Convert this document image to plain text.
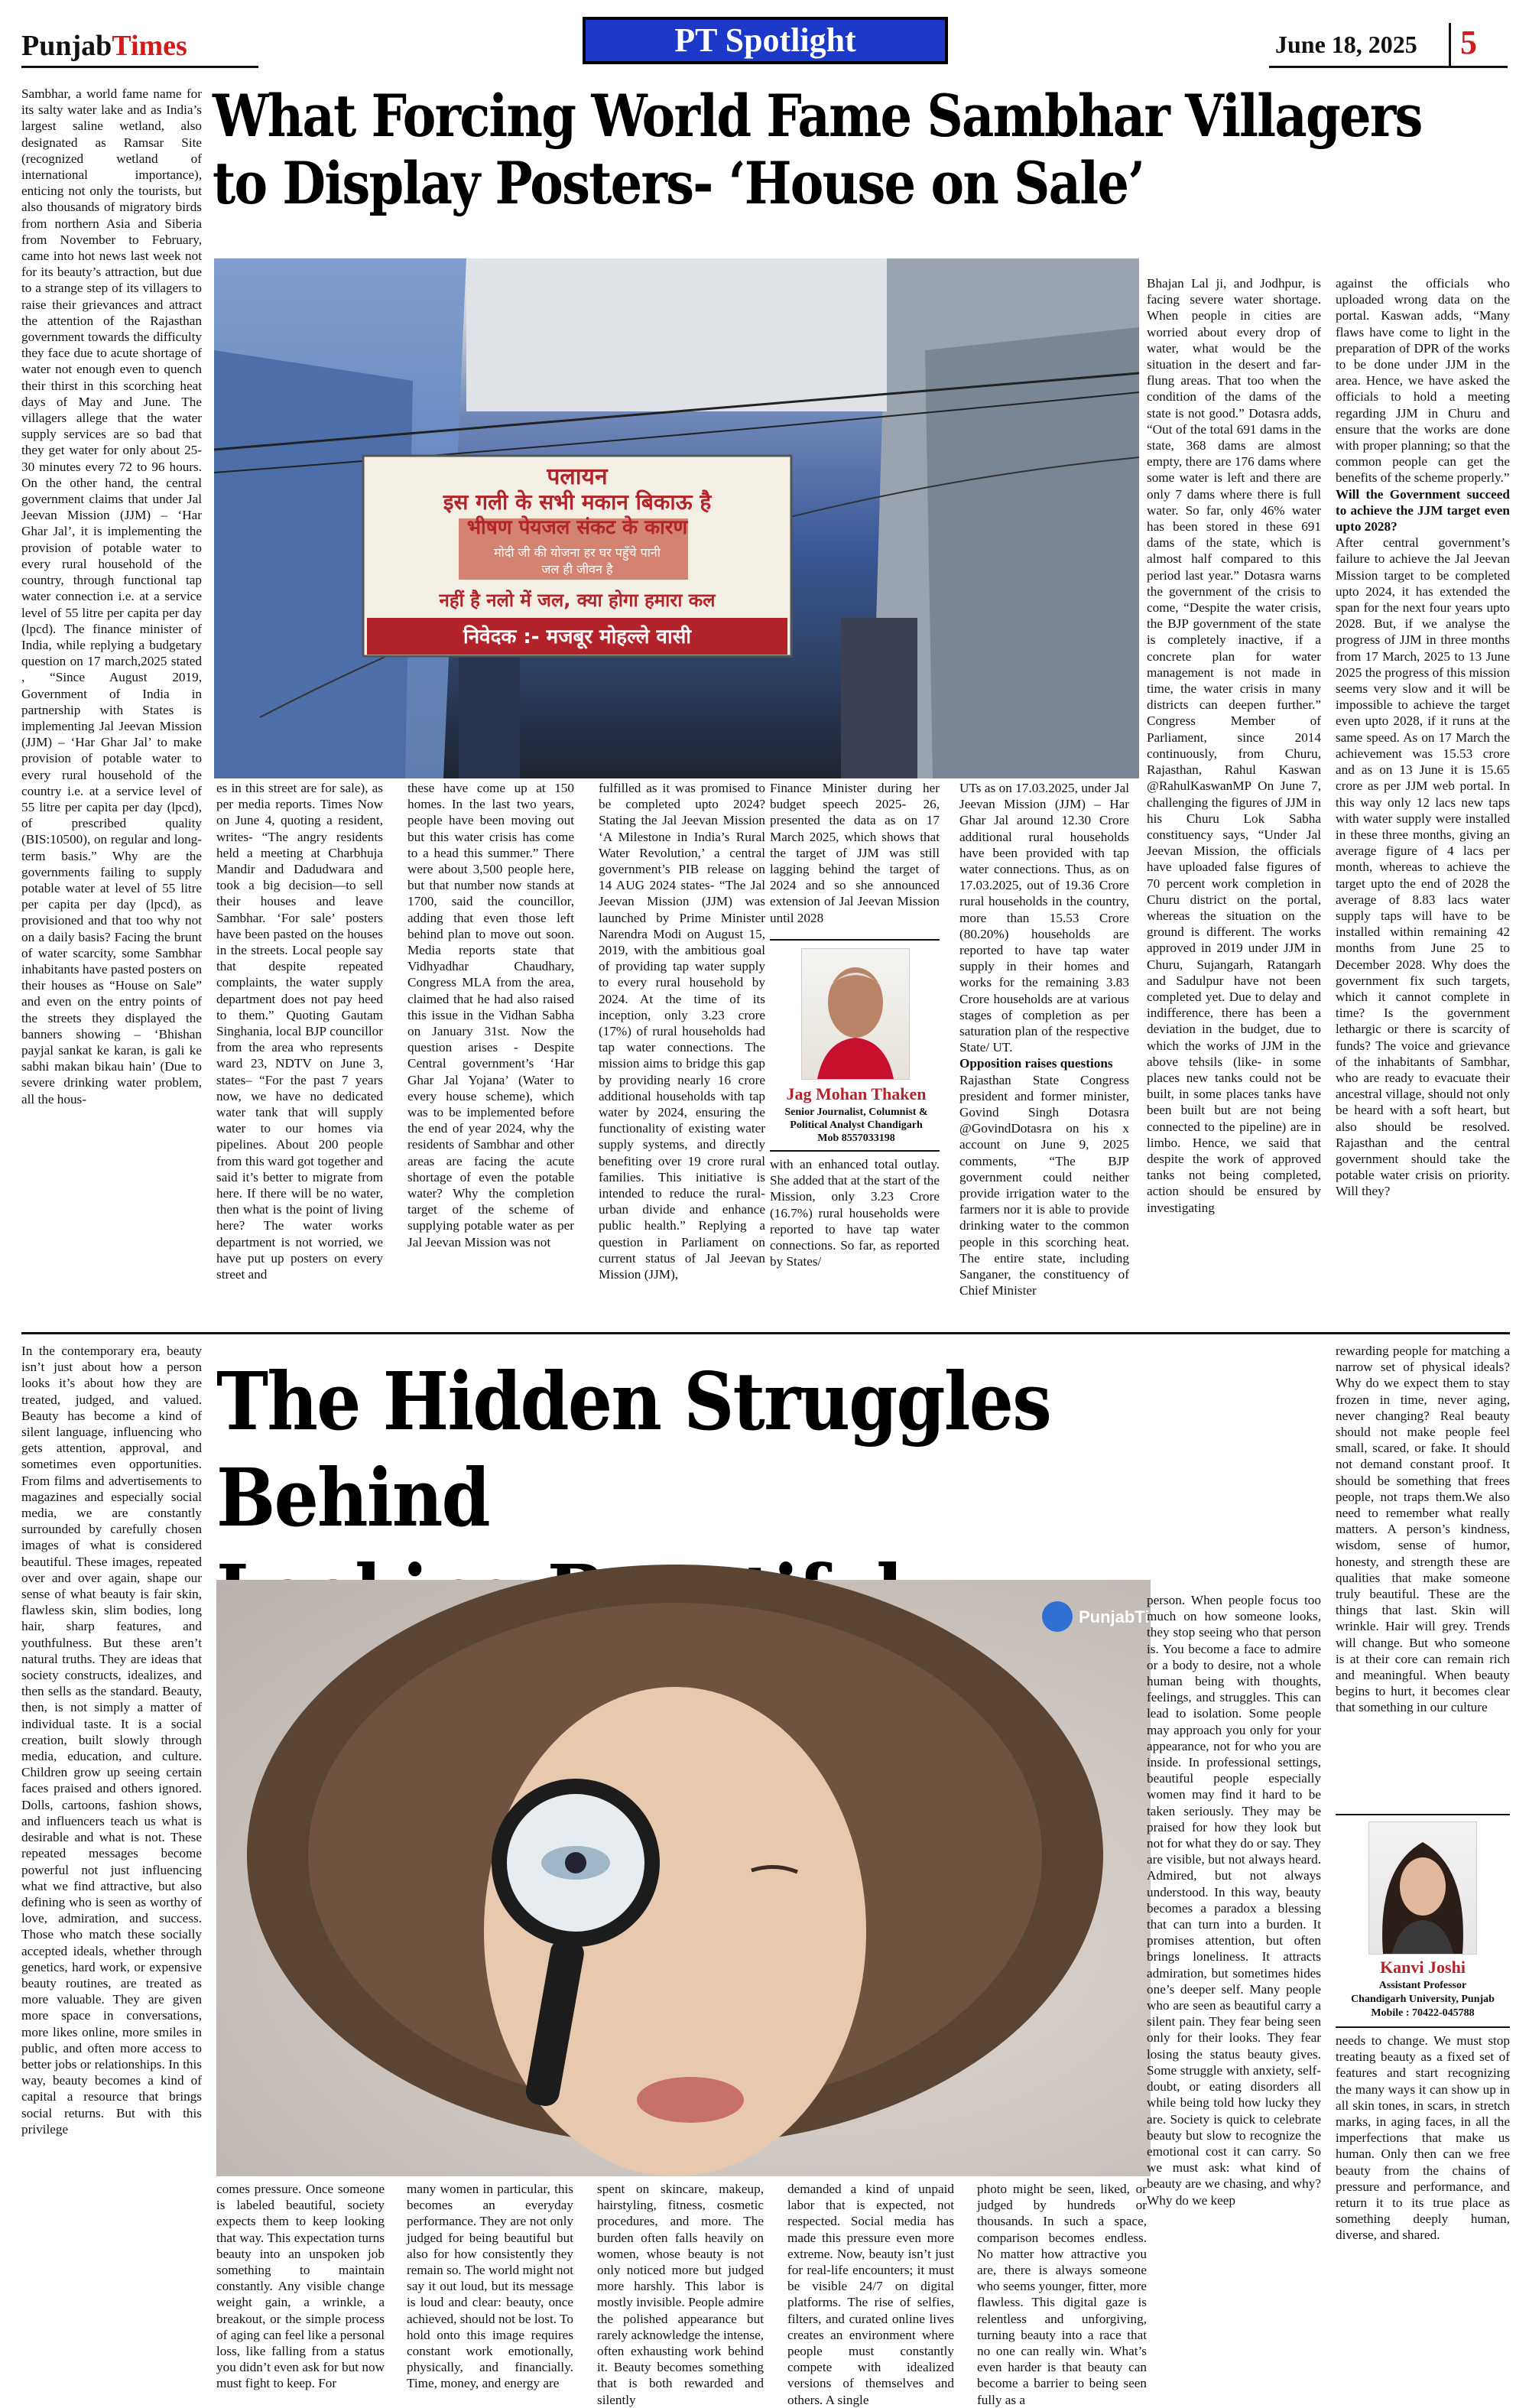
PunjabTimes	PT Spotlight	June 18, 2025 5

Sambhar, a world fame name for its salty water lake and as India’s largest saline wetland, also designated as Ramsar Site (recognized wetland of international importance), enticing not only the tourists, but also thousands of migratory birds from northern Asia and Siberia from November to February, came into hot news last week not for its beauty’s attraction, but due to a strange step of its villagers to raise their grievances and attract the attention of the Rajasthan government towards the difficulty they face due to acute shortage of water not enough even to quench their thirst in this scorching heat days of May and June. The villagers allege that the water supply services are so bad that they get water for only about 25-30 minutes every 72 to 96 hours. On the other hand, the central government claims that under Jal Jeevan Mission (JJM) – ‘Har Ghar Jal’, it is implementing the provision of potable water to every rural household of the country, through functional tap water connection i.e. at a service level of 55 litre per capita per day (lpcd). The finance minister of India, while replying a budgetary question on 17 march,2025 stated , “Since August 2019, Government of India in partnership with States is implementing Jal Jeevan Mission (JJM) – ‘Har Ghar Jal’ to make provision of potable water to every rural household of the country i.e. at a service level of 55 litre per capita per day (lpcd), of prescribed quality (BIS:10500), on regular and long-term basis.” Why are the governments failing to supply potable water at level of 55 litre per capita per day (lpcd), as provisioned and that too why not on a daily basis? Facing the brunt of water scarcity, some Sambhar inhabitants have pasted posters on their houses as “House on Sale” and even on the entry points of the streets they displayed the banners showing – ‘Bhishan payjal sankat ke karan, is gali ke sabhi makan bikau hain’ (Due to severe drinking water problem, all the hous-

What Forcing World Fame Sambhar Villagers
to Display Posters- ‘House on Sale’
पलायन
इस गली के सभी मकान बिकाऊ है
भीषण पेयजल संकट के कारण
मोदी जी की योजना हर घर पहुँचे पानी
जल ही जीवन है
नहीं है नलो में जल, क्या होगा हमारा कल
निवेदक :- मजबूर मोहल्ले वासी

es in this street are for sale), as per media reports. Times Now on June 4, quoting a resident, writes- “The angry residents held a meeting at Charbhuja Mandir and Dadudwara and took a big decision—to sell their houses and leave Sambhar. ‘For sale’ posters have been pasted on the houses in the streets. Local people say that despite repeated complaints, the water supply department does not pay heed to them.” Quoting Gautam Singhania, local BJP councillor from the area who represents ward 23, NDTV on June 3, states– “For the past 7 years now, we have no dedicated water tank that will supply water to our homes via pipelines. About 200 people from this ward got together and said it’s better to migrate from here. If there will be no water, then what is the point of living here? The water works department is not worried, we have put up posters on every street and

these have come up at 150 homes. In the last two years, people have been moving out but this water crisis has come to a head this summer.” There were about 3,500 people here, but that number now stands at 1700, said the councillor, adding that even those left behind plan to move out soon. Media reports state that Vidhyadhar Chaudhary, Congress MLA from the area, claimed that he had also raised this issue in the Vidhan Sabha on January 31st. Now the question arises - Despite Central government’s ‘Har Ghar Jal Yojana’ (Water to every house scheme), which was to be implemented before the end of year 2024, why the residents of Sambhar and other areas are facing the acute shortage of even the potable water? Why the completion target of the scheme of supplying potable water as per Jal Jeevan Mission was not

fulfilled as it was promised to be completed upto 2024? Stating the Jal Jeevan Mission ‘A Milestone in India’s Rural Water Revolution,’ a central government’s PIB release on 14 AUG 2024 states- “The Jal Jeevan Mission (JJM) was launched by Prime Minister Narendra Modi on August 15, 2019, with the ambitious goal of providing tap water supply to every rural household by 2024. At the time of its inception, only 3.23 crore (17%) of rural households had tap water connections. The mission aims to bridge this gap by providing nearly 16 crore additional households with tap water by 2024, ensuring the functionality of existing water supply systems, and directly benefiting over 19 crore rural families. This initiative is intended to reduce the rural-urban divide and enhance public health.” Replying a question in Parliament on current status of Jal Jeevan Mission (JJM),

Finance Minister during her budget speech 2025- 26, presented the data as on 17 March 2025, which shows that the target of JJM was still lagging behind the target of 2024 and so she announced extension of Jal Jeevan Mission until 2028

Jag Mohan Thaken
Senior Journalist, Columnist &
Political Analyst Chandigarh
Mob 8557033198

with an enhanced total outlay. She added that at the start of the Mission, only 3.23 Crore (16.7%) rural households were reported to have tap water connections. So far, as reported by States/

UTs as on 17.03.2025, under Jal Jeevan Mission (JJM) – Har Ghar Jal around 12.30 Crore additional rural households have been provided with tap water connections. Thus, as on 17.03.2025, out of 19.36 Crore rural households in the country, more than 15.53 Crore (80.20%) households are reported to have tap water supply in their homes and works for the remaining 3.83 Crore households are at various stages of completion as per saturation plan of the respective State/ UT.

Opposition raises questions

Rajasthan State Congress president and former minister, Govind Singh Dotasra @GovindDotasra on his x account on June 9, 2025 comments, “The BJP government could neither provide irrigation water to the farmers nor it is able to provide drinking water to the common people in this scorching heat. The entire state, including Sanganer, the constituency of Chief Minister

Bhajan Lal ji, and Jodhpur, is facing severe water shortage. When people in cities are worried about every drop of water, what would be the situation in the desert and far-flung areas. That too when the condition of the dams of the state is not good.” Dotasra adds, “Out of the total 691 dams in the state, 368 dams are almost empty, there are 176 dams where some water is left and there are only 7 dams where there is full water. So far, only 46% water has been stored in these 691 dams of the state, which is almost half compared to this period last year.” Dotasra warns the government of the crisis to come, “Despite the water crisis, the BJP government of the state is completely inactive, if a concrete plan for water management is not made in time, the water crisis in many districts can deepen further.” Congress Member of Parliament, since 2014 continuously, from Churu, Rajasthan, Rahul Kaswan @RahulKaswanMP On June 7, challenging the figures of JJM in his Churu Lok Sabha constituency says, “Under Jal Jeevan Mission, the officials have uploaded false figures of 70 percent work completion in Churu district on the portal, whereas the situation on the ground is different. The works approved in 2019 under JJM in Churu, Sujangarh, Ratangarh and Sadulpur have not been completed yet. Due to delay and indifference, there has been a deviation in the budget, due to which the works of JJM in the above tehsils (like- in some places new tanks could not be built, in some places tanks have been built but are not being connected to the pipeline) are in limbo. Hence, we said that despite the work of approved tanks not being completed, action should be ensured by investigating

against the officials who uploaded wrong data on the portal. Kaswan adds, “Many flaws have come to light in the preparation of DPR of the works to be done under JJM in the area. Hence, we have asked the officials to hold a meeting regarding JJM in Churu and ensure that the works are done with proper planning; so that the common people can get the benefits of the scheme properly.”

Will the Government succeed to achieve the JJM target even upto 2028?

After central government’s failure to achieve the Jal Jeevan Mission target to be completed upto 2024, it has extended the span for the next four years upto 2028. But, if we analyse the progress of JJM in three months from 17 March, 2025 to 13 June 2025 the progress of this mission seems very slow and it will be impossible to achieve the target even upto 2028, if it runs at the same speed. As on 17 March the achievement was 15.53 crore and as on 13 June it is 15.65 crore as per JJM web portal. In this way only 12 lacs new taps with water supply were installed in these three months, giving an average figure of 4 lacs per month, whereas to achieve the target upto the end of 2028 the average of 8.83 lacs water supply taps will have to be installed within remaining 42 months from June 25 to December 2028. Why does the government fix such targets, which it cannot complete in time? Is the government lethargic or there is scarcity of funds? The voice and grievance of the inhabitants of Sambhar, who are ready to evacuate their ancestral village, should not only be heard with a soft heart, but also should be resolved. Rajasthan and the central government should take the potable water crisis on priority. Will they?

In the contemporary era, beauty isn’t just about how a person looks it’s about how they are treated, judged, and valued. Beauty has become a kind of silent language, influencing who gets attention, approval, and sometimes even opportunities. From films and advertisements to magazines and especially social media, we are constantly surrounded by carefully chosen images of what is considered beautiful. These images, repeated over and over again, shape our sense of what beauty is fair skin, flawless skin, slim bodies, long hair, sharp features, and youthfulness. But these aren’t natural truths. They are ideas that society constructs, idealizes, and then sells as the standard. Beauty, then, is not simply a matter of individual taste. It is a social creation, built slowly through media, education, and culture. Children grow up seeing certain faces praised and others ignored. Dolls, cartoons, fashion shows, and influencers teach us what is desirable and what is not. These repeated messages become powerful not just influencing what we find attractive, but also defining who is seen as worthy of love, admiration, and success. Those who match these socially accepted ideals, whether through genetics, hard work, or expensive beauty routines, are treated as more valuable. They are given more space in conversations, more likes online, more smiles in public, and often more access to better jobs or relationships. In this way, beauty becomes a kind of capital a resource that brings social returns. But with this privilege

The Hidden Struggles Behind
PunjabTimes

comes pressure. Once someone is labeled beautiful, society expects them to keep looking that way. This expectation turns beauty into an unspoken job something to maintain constantly. Any visible change weight gain, a wrinkle, a breakout, or the simple process of aging can feel like a personal loss, like falling from a status you didn’t even ask for but now must fight to keep. For

many women in particular, this becomes an everyday performance. They are not only judged for being beautiful but also for how consistently they remain so. The world might not say it out loud, but its message is loud and clear: beauty, once achieved, should not be lost. To hold onto this image requires constant work emotionally, physically, and financially. Time, money, and energy are

spent on skincare, makeup, hairstyling, fitness, cosmetic procedures, and more. The burden often falls heavily on women, whose beauty is not only noticed more but judged more harshly. This labor is mostly invisible. People admire the polished appearance but rarely acknowledge the intense, often exhausting work behind it. Beauty becomes something that is both rewarded and silently

demanded a kind of unpaid labor that is expected, not respected. Social media has made this pressure even more extreme. Now, beauty isn’t just for real-life encounters; it must be visible 24/7 on digital platforms. The rise of selfies, filters, and curated online lives creates an environment where people must constantly compete with idealized versions of themselves and others. A single

photo might be seen, liked, or judged by hundreds or thousands. In such a space, comparison becomes endless. No matter how attractive you are, there is always someone who seems younger, fitter, more flawless. This digital gaze is relentless and unforgiving, turning beauty into a race that no one can really win. What’s even harder is that beauty can become a barrier to being seen fully as a

person. When people focus too much on how someone looks, they stop seeing who that person is. You become a face to admire or a body to desire, not a whole human being with thoughts, feelings, and struggles. This can lead to isolation. Some people may approach you only for your appearance, not for who you are inside. In professional settings, beautiful people especially women may find it hard to be taken seriously. They may be praised for how they look but not for what they do or say. They are visible, but not always heard. Admired, but not always understood. In this way, beauty becomes a paradox a blessing that can turn into a burden. It promises attention, but often brings loneliness. It attracts admiration, but sometimes hides one’s deeper self. Many people who are seen as beautiful carry a silent pain. They fear being seen only for their looks. They fear losing the status beauty gives. Some struggle with anxiety, self-doubt, or eating disorders all while being told how lucky they are. Society is quick to celebrate beauty but slow to recognize the emotional cost it can carry. So we must ask: what kind of beauty are we chasing, and why? Why do we keep

rewarding people for matching a narrow set of physical ideals? Why do we expect them to stay frozen in time, never aging, never changing? Real beauty should not make people feel small, scared, or fake. It should not demand constant proof. It should be something that frees people, not traps them.We also need to remember what really matters. A person’s kindness, wisdom, sense of humor, honesty, and strength these are qualities that make someone truly beautiful. These are the things that last. Skin will wrinkle. Hair will grey. Trends will change. But who someone is at their core can remain rich and meaningful. When beauty begins to hurt, it becomes clear that something in our culture

Kanvi Joshi
Assistant Professor
Chandigarh University, Punjab
Mobile : 70422-045788

needs to change. We must stop treating beauty as a fixed set of features and start recognizing the many ways it can show up in all skin tones, in scars, in stretch marks, in aging faces, in all the imperfections that make us human. Only then can we free beauty from the chains of pressure and performance, and return it to its true place as something deeply human, diverse, and shared.
